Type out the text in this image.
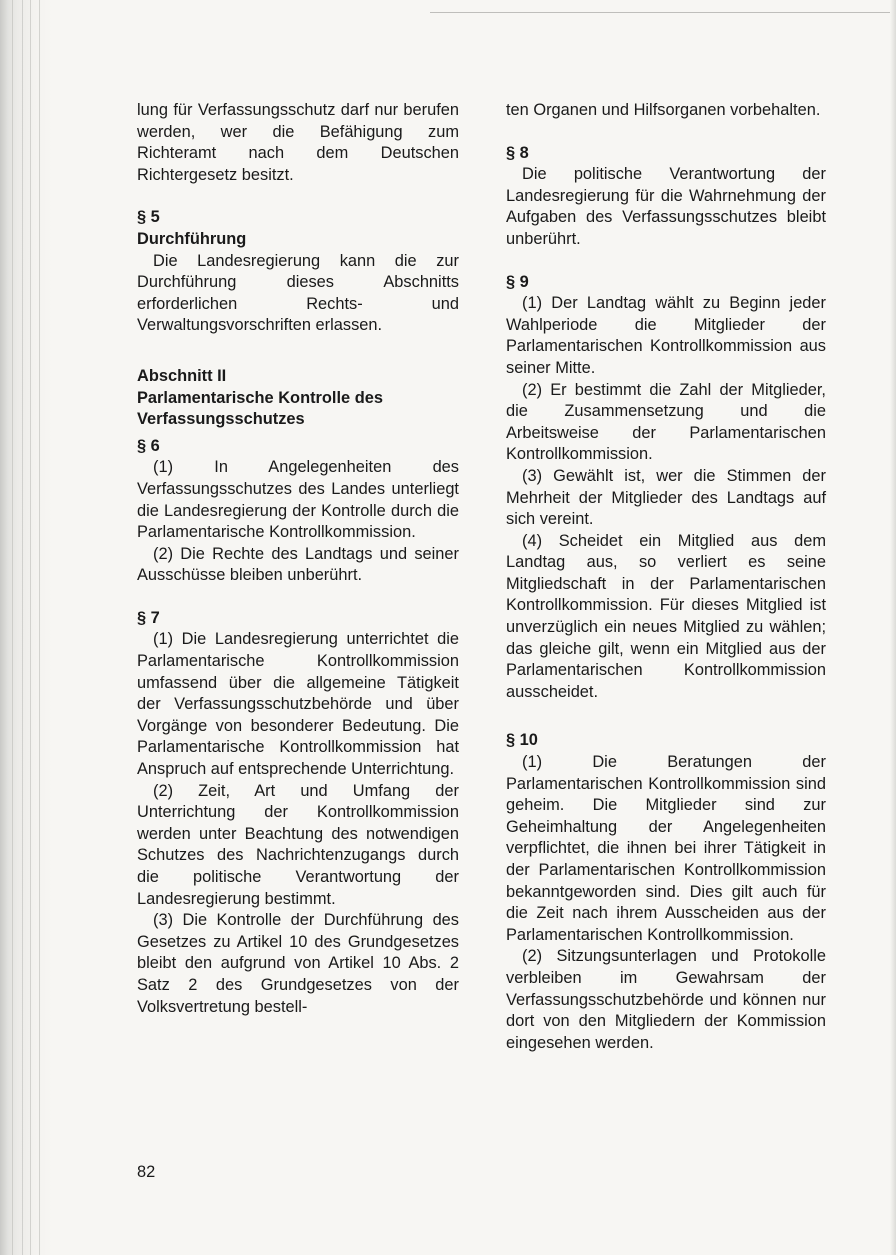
lung für Verfassungsschutz darf nur berufen werden, wer die Befähigung zum Richteramt nach dem Deutschen Richtergesetz besitzt.

§ 5

Durchführung

Die Landesregierung kann die zur Durchführung dieses Abschnitts erforderlichen Rechts- und Verwaltungsvorschriften erlassen.

Abschnitt II

Parlamentarische Kontrolle des Verfassungsschutzes

§ 6

(1) In Angelegenheiten des Verfassungsschutzes des Landes unterliegt die Landesregierung der Kontrolle durch die Parlamentarische Kontrollkommission.

(2) Die Rechte des Landtags und seiner Ausschüsse bleiben unberührt.

§ 7

(1) Die Landesregierung unterrichtet die Parlamentarische Kontrollkommission umfassend über die allgemeine Tätigkeit der Verfassungsschutzbehörde und über Vorgänge von besonderer Bedeutung. Die Parlamentarische Kontrollkommission hat Anspruch auf entsprechende Unterrichtung.

(2) Zeit, Art und Umfang der Unterrichtung der Kontrollkommission werden unter Beachtung des notwendigen Schutzes des Nachrichtenzugangs durch die politische Verantwortung der Landesregierung bestimmt.

(3) Die Kontrolle der Durchführung des Gesetzes zu Artikel 10 des Grundgesetzes bleibt den aufgrund von Artikel 10 Abs. 2 Satz 2 des Grundgesetzes von der Volksvertretung bestell-

ten Organen und Hilfsorganen vorbehalten.

§ 8

Die politische Verantwortung der Landesregierung für die Wahrnehmung der Aufgaben des Verfassungsschutzes bleibt unberührt.

§ 9

(1) Der Landtag wählt zu Beginn jeder Wahlperiode die Mitglieder der Parlamentarischen Kontrollkommission aus seiner Mitte.

(2) Er bestimmt die Zahl der Mitglieder, die Zusammensetzung und die Arbeitsweise der Parlamentarischen Kontrollkommission.

(3) Gewählt ist, wer die Stimmen der Mehrheit der Mitglieder des Landtags auf sich vereint.

(4) Scheidet ein Mitglied aus dem Landtag aus, so verliert es seine Mitgliedschaft in der Parlamentarischen Kontrollkommission. Für dieses Mitglied ist unverzüglich ein neues Mitglied zu wählen; das gleiche gilt, wenn ein Mitglied aus der Parlamentarischen Kontrollkommission ausscheidet.

§ 10

(1) Die Beratungen der Parlamentarischen Kontrollkommission sind geheim. Die Mitglieder sind zur Geheimhaltung der Angelegenheiten verpflichtet, die ihnen bei ihrer Tätigkeit in der Parlamentarischen Kontrollkommission bekanntgeworden sind. Dies gilt auch für die Zeit nach ihrem Ausscheiden aus der Parlamentarischen Kontrollkommission.

(2) Sitzungsunterlagen und Protokolle verbleiben im Gewahrsam der Verfassungsschutzbehörde und können nur dort von den Mitgliedern der Kommission eingesehen werden.

82
